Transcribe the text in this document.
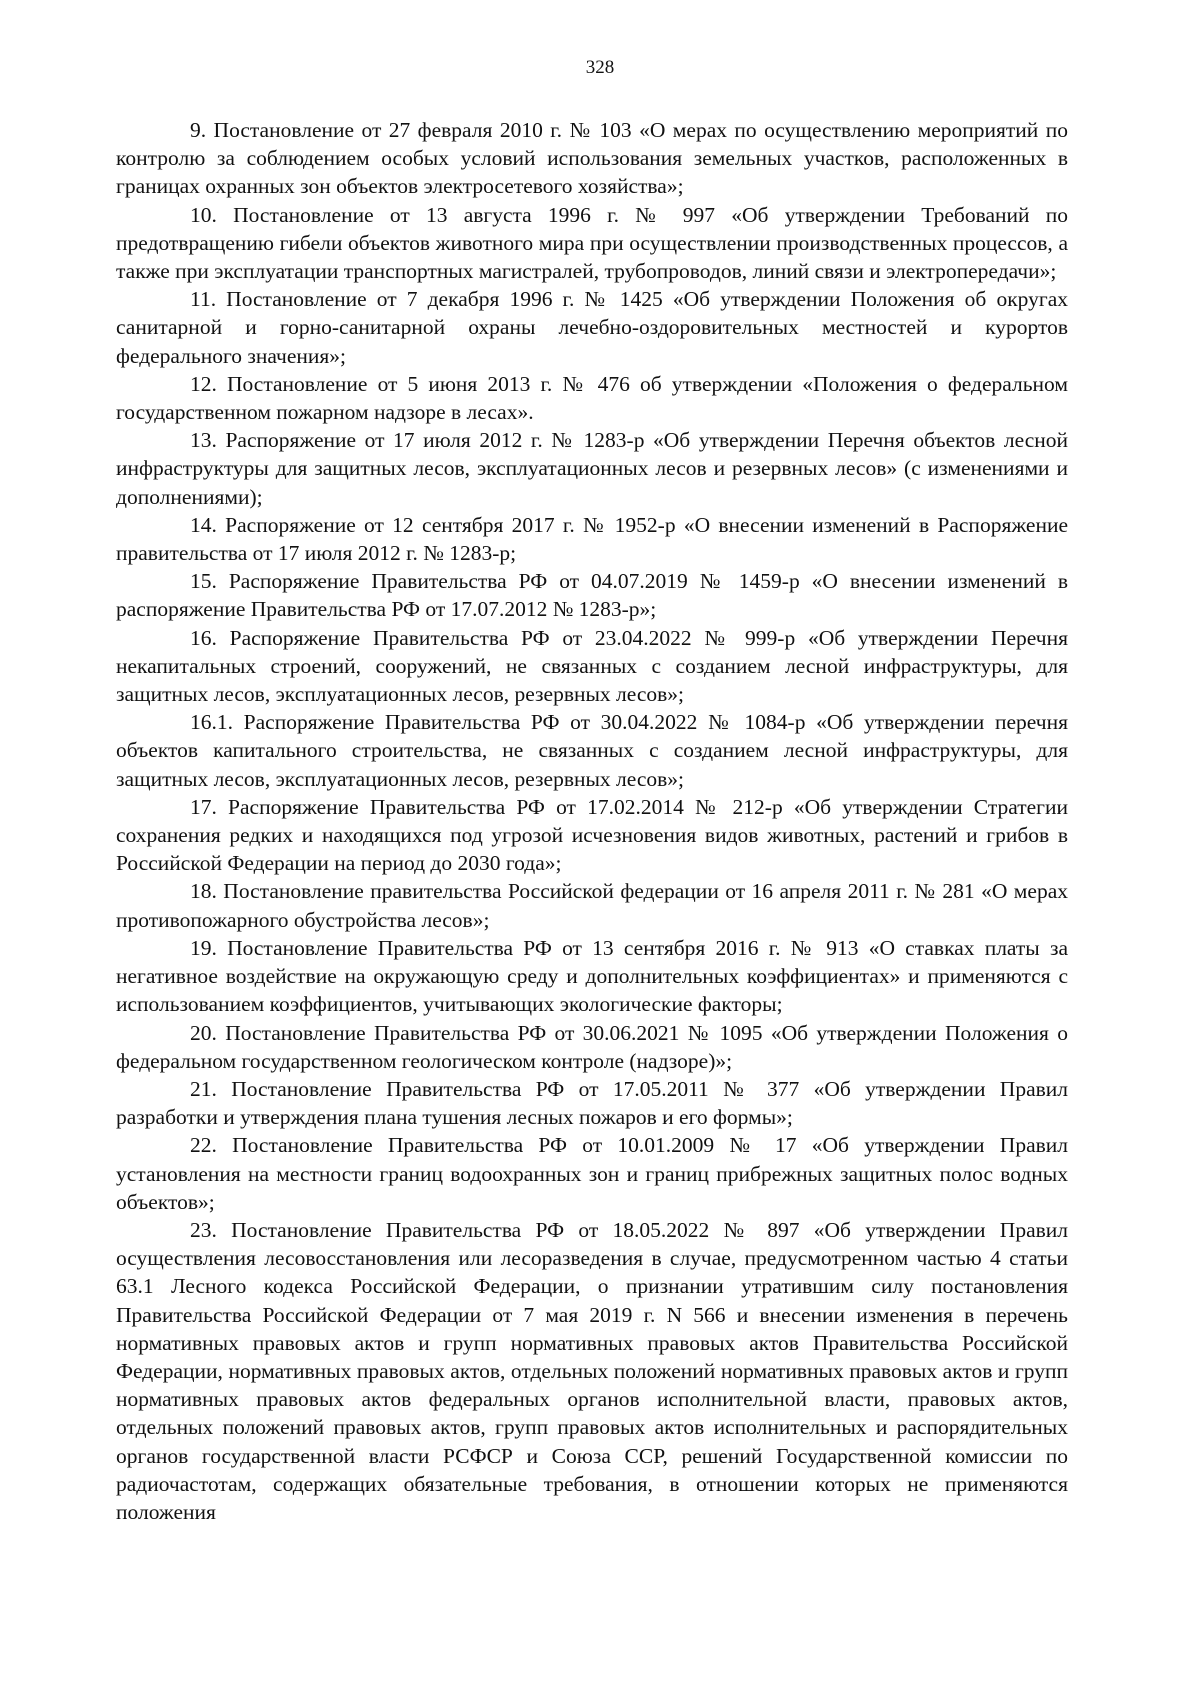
328

9. Постановление от 27 февраля 2010 г. № 103 «О мерах по осуществлению мероприятий по контролю за соблюдением особых условий использования земельных участков, расположенных в границах охранных зон объектов электросетевого хозяйства»;

10. Постановление от 13 августа 1996 г. № 997 «Об утверждении Требований по предотвращению гибели объектов животного мира при осуществлении производственных процессов, а также при эксплуатации транспортных магистралей, трубопроводов, линий связи и электропередачи»;

11. Постановление от 7 декабря 1996 г. № 1425 «Об утверждении Положения об округах санитарной и горно-санитарной охраны лечебно-оздоровительных местностей и курортов федерального значения»;

12. Постановление от 5 июня 2013 г. № 476 об утверждении «Положения о федеральном государственном пожарном надзоре в лесах».

13. Распоряжение от 17 июля 2012 г. № 1283-р «Об утверждении Перечня объектов лесной инфраструктуры для защитных лесов, эксплуатационных лесов и резервных лесов» (с изменениями и дополнениями);

14. Распоряжение от 12 сентября 2017 г. № 1952-р «О внесении изменений в Распоряжение правительства от 17 июля 2012 г. № 1283-р;

15. Распоряжение Правительства РФ от 04.07.2019 № 1459-р «О внесении изменений в распоряжение Правительства РФ от 17.07.2012 № 1283-р»;

16. Распоряжение Правительства РФ от 23.04.2022 № 999-р «Об утверждении Перечня некапитальных строений, сооружений, не связанных с созданием лесной инфраструктуры, для защитных лесов, эксплуатационных лесов, резервных лесов»;

16.1. Распоряжение Правительства РФ от 30.04.2022 № 1084-р «Об утверждении перечня объектов капитального строительства, не связанных с созданием лесной инфраструктуры, для защитных лесов, эксплуатационных лесов, резервных лесов»;

17. Распоряжение Правительства РФ от 17.02.2014 № 212-р «Об утверждении Стратегии сохранения редких и находящихся под угрозой исчезновения видов животных, растений и грибов в Российской Федерации на период до 2030 года»;

18. Постановление правительства Российской федерации от 16 апреля 2011 г. № 281 «О мерах противопожарного обустройства лесов»;

19. Постановление Правительства РФ от 13 сентября 2016 г. № 913 «О ставках платы за негативное воздействие на окружающую среду и дополнительных коэффициентах» и применяются с использованием коэффициентов, учитывающих экологические факторы;

20. Постановление Правительства РФ от 30.06.2021 № 1095 «Об утверждении Положения о федеральном государственном геологическом контроле (надзоре)»;

21. Постановление Правительства РФ от 17.05.2011 № 377 «Об утверждении Правил разработки и утверждения плана тушения лесных пожаров и его формы»;

22. Постановление Правительства РФ от 10.01.2009 № 17 «Об утверждении Правил установления на местности границ водоохранных зон и границ прибрежных защитных полос водных объектов»;

23. Постановление Правительства РФ от 18.05.2022 № 897 «Об утверждении Правил осуществления лесовосстановления или лесоразведения в случае, предусмотренном частью 4 статьи 63.1 Лесного кодекса Российской Федерации, о признании утратившим силу постановления Правительства Российской Федерации от 7 мая 2019 г. N 566 и внесении изменения в перечень нормативных правовых актов и групп нормативных правовых актов Правительства Российской Федерации, нормативных правовых актов, отдельных положений нормативных правовых актов и групп нормативных правовых актов федеральных органов исполнительной власти, правовых актов, отдельных положений правовых актов, групп правовых актов исполнительных и распорядительных органов государственной власти РСФСР и Союза ССР, решений Государственной комиссии по радиочастотам, содержащих обязательные требования, в отношении которых не применяются положения
